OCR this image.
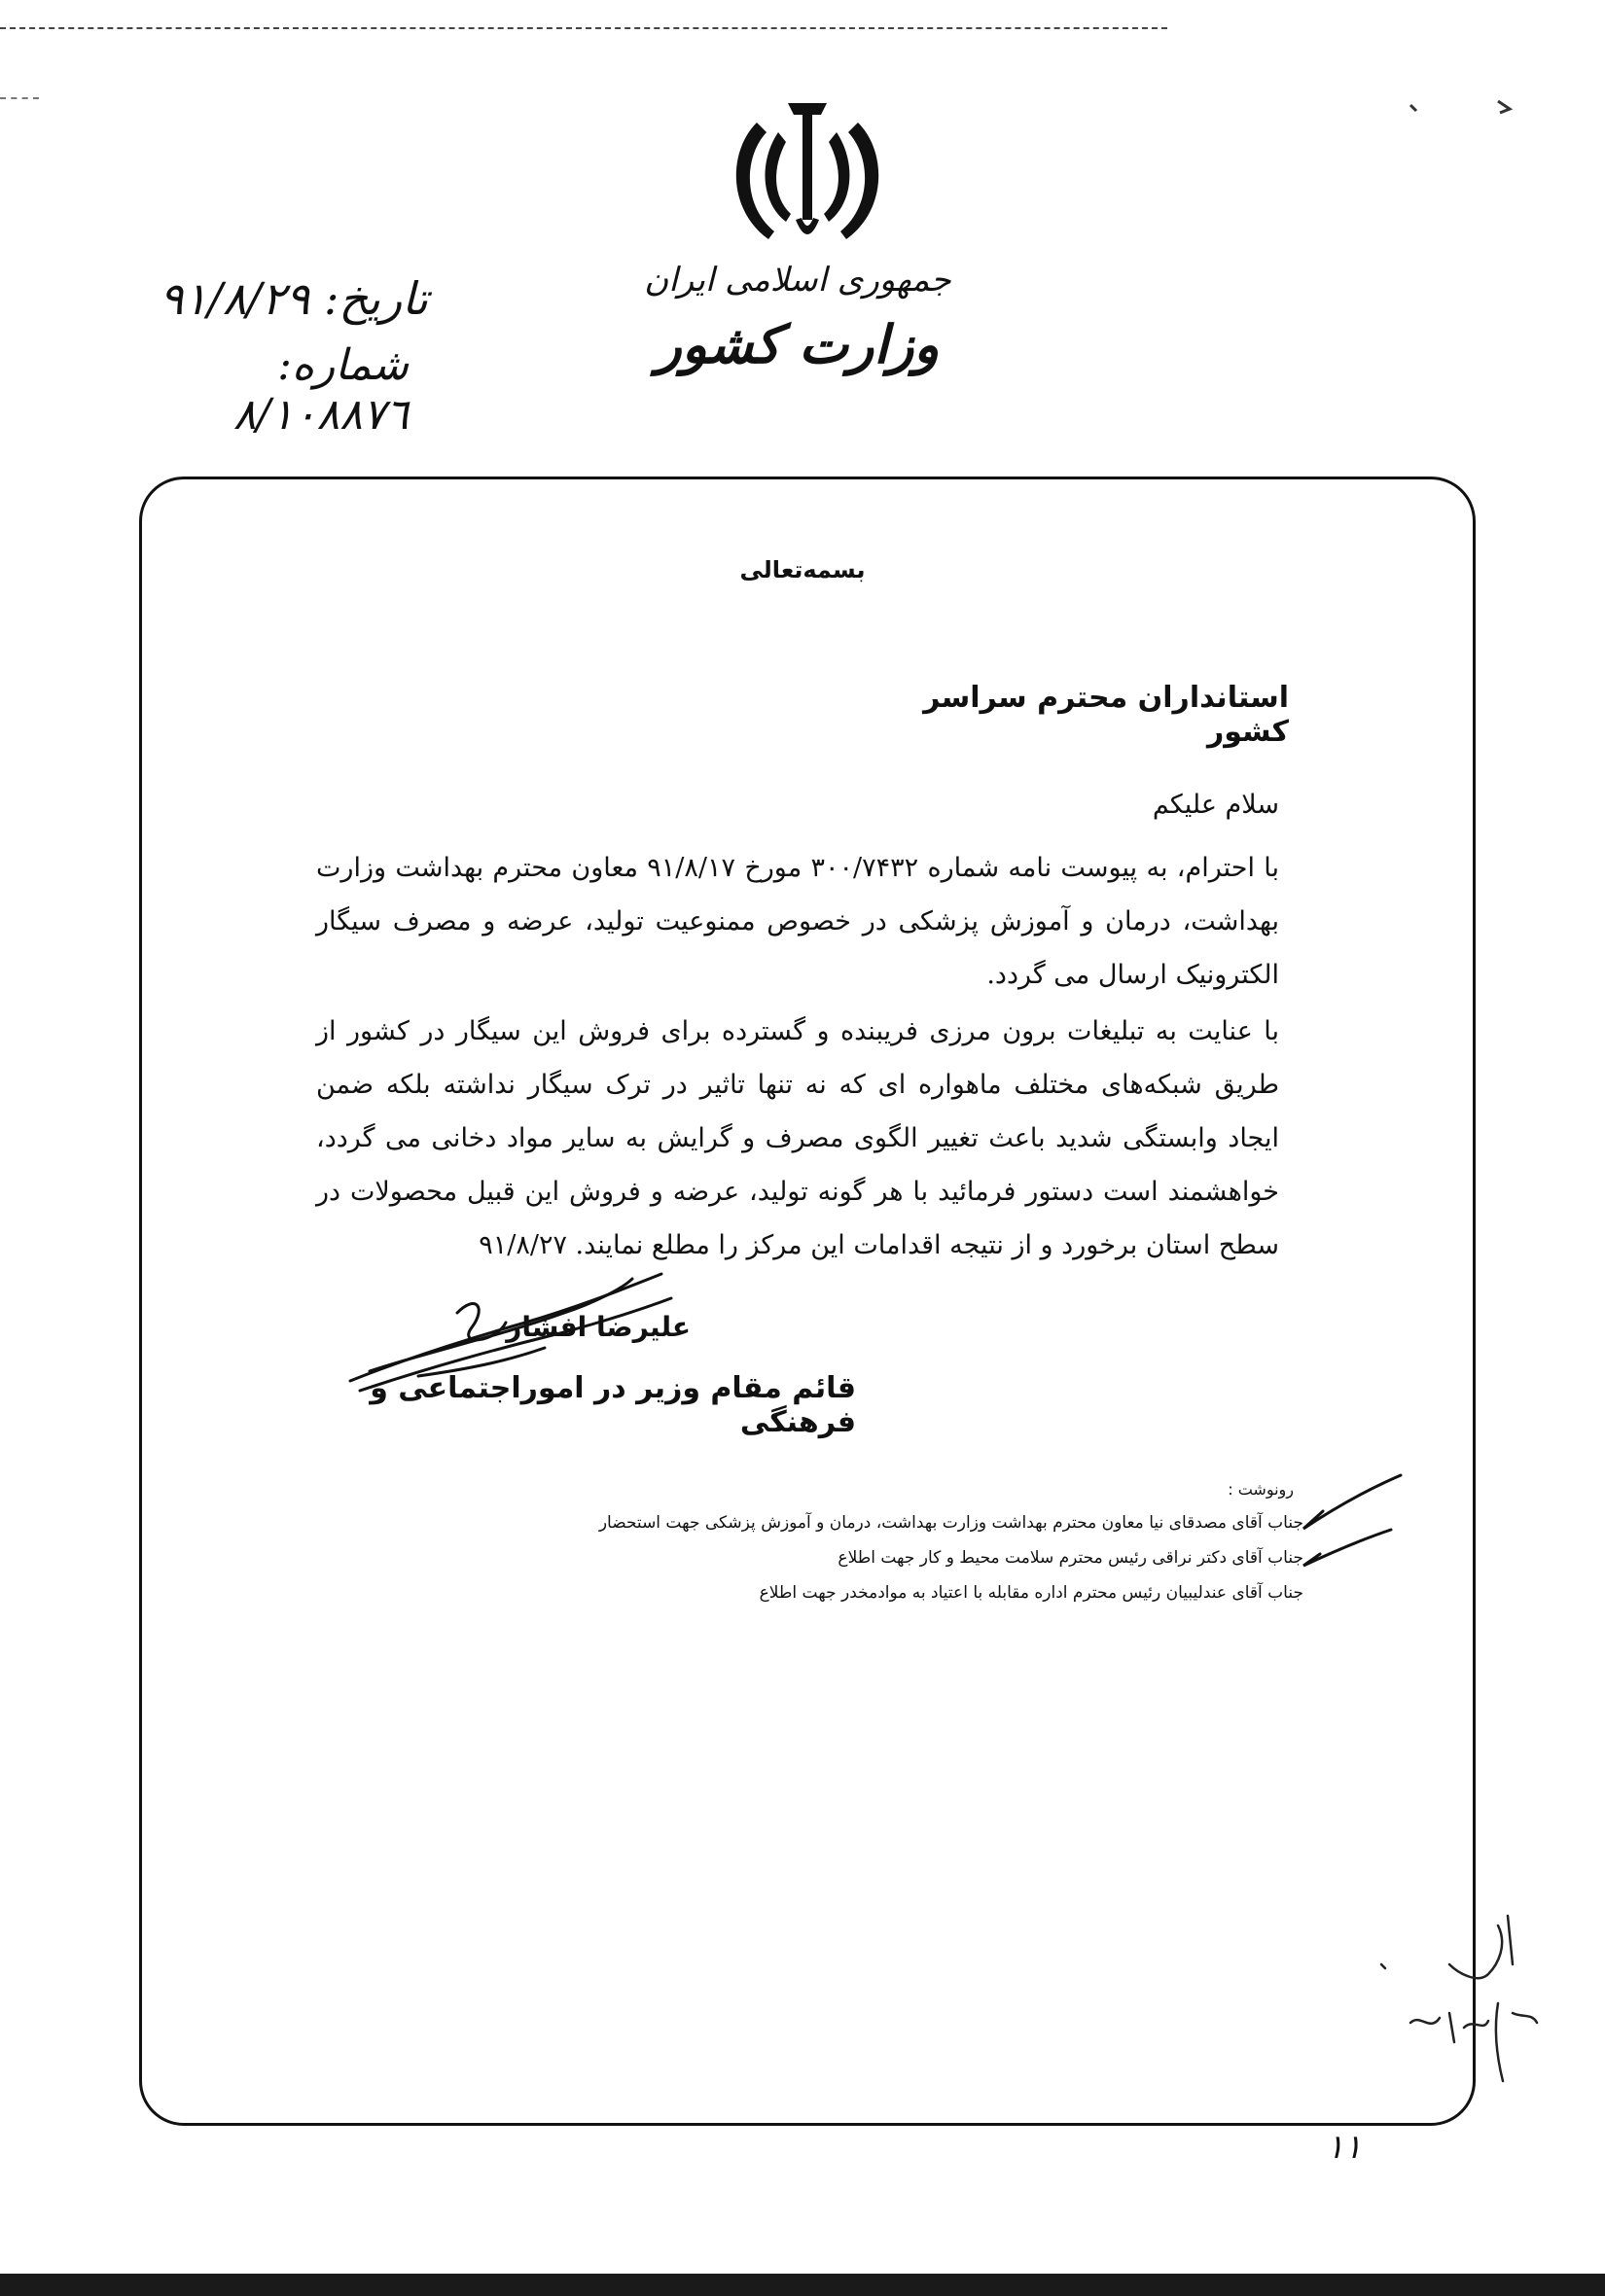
جمهوری اسلامی ایران
وزارت کشور
تاریخ: ۹۱/۸/۲۹
شماره: ۸/۱۰۸۸۷٦
بسمه‌تعالی
استانداران محترم سراسر کشور
سلام علیکم
با احترام، به پیوست نامه شماره ۳۰۰/۷۴۳۲ مورخ ۹۱/۸/۱۷ معاون محترم بهداشت وزارت بهداشت، درمان و آموزش پزشکی در خصوص ممنوعیت تولید، عرضه و مصرف سیگار الکترونیک ارسال می گردد.
با عنایت به تبلیغات برون مرزی فریبنده و گسترده برای فروش این سیگار در کشور از طریق شبکه‌های مختلف ماهواره ای که نه تنها تاثیر در ترک سیگار نداشته بلکه ضمن ایجاد وابستگی شدید باعث تغییر الگوی مصرف و گرایش به سایر مواد دخانی می گردد، خواهشمند است دستور فرمائید با هر گونه تولید، عرضه و فروش این قبیل محصولات در سطح استان برخورد و از نتیجه اقدامات این مرکز را مطلع نمایند. ۹۱/۸/۲۷
علیرضا افشار
قائم مقام وزیر در اموراجتماعی و فرهنگی
رونوشت :
جناب آقای مصدقای نیا معاون محترم بهداشت وزارت بهداشت، درمان و آموزش پزشکی جهت استحضار
جناب آقای دکتر نراقی رئیس محترم سلامت محیط و کار جهت اطلاع
جناب آقای عندلیبیان رئیس محترم اداره مقابله با اعتیاد به موادمخدر جهت اطلاع
۱۱
